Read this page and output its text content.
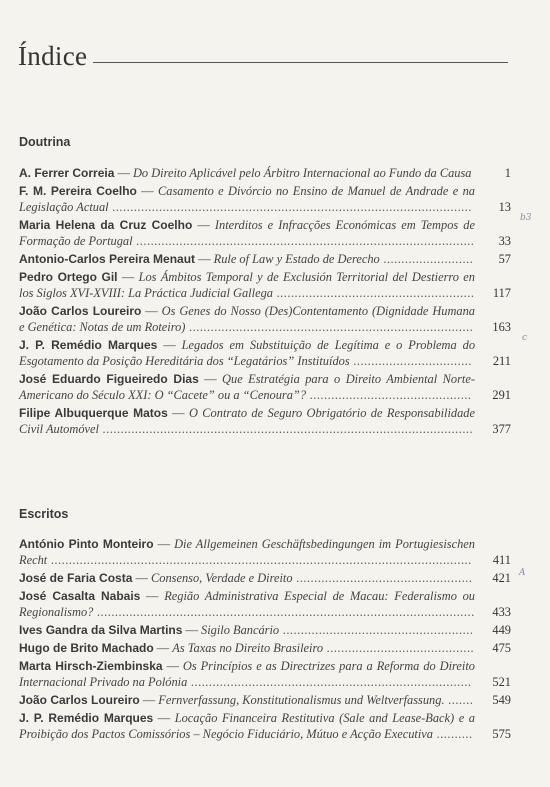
Índice
Doutrina
A. Ferrer Correia — Do Direito Aplicável pelo Árbitro Internacional ao Fundo da Causa	1
F. M. Pereira Coelho — Casamento e Divórcio no Ensino de Manuel de Andrade e na Legislação Actual .................................................................................................... 13
Maria Helena da Cruz Coelho — Interditos e Infracções Económicas em Tempos de Formação de Portugal .............................................................................................. 33
Antonio-Carlos Pereira Menaut — Rule of Law y Estado de Derecho ......................... 57
Pedro Ortego Gil — Los Ámbitos Temporal y de Exclusión Territorial del Destierro en los Siglos XVI-XVIII: La Práctica Judicial Gallega ....................................................... 117
João Carlos Loureiro — Os Genes do Nosso (Des)Contentamento (Dignidade Humana e Genética: Notas de um Roteiro) ............................................................................... 163
J. P. Remédio Marques — Legados em Substituição de Legítima e o Problema do Esgotamento da Posição Hereditária dos “Legatários” Instituídos ................................. 211
José Eduardo Figueiredo Dias — Que Estratégia para o Direito Ambiental Norte-Americano do Século XXI: O “Cacete” ou a “Cenoura”? ............................................. 291
Filipe Albuquerque Matos — O Contrato de Seguro Obrigatório de Responsabilidade Civil Automóvel ....................................................................................................... 377
Escritos
António Pinto Monteiro — Die Allgemeinen Geschäftsbedingungen im Portugiesischen Recht ..................................................................................................................... 411
José de Faria Costa — Consenso, Verdade e Direito ................................................. 421
José Casalta Nabais — Região Administrativa Especial de Macau: Federalismo ou Regionalismo? ......................................................................................................... 433
Ives Gandra da Silva Martins — Sigilo Bancário ..................................................... 449
Hugo de Brito Machado — As Taxas no Direito Brasileiro ......................................... 475
Marta Hirsch-Ziembinska — Os Princípios e as Directrizes para a Reforma do Direito Internacional Privado na Polónia .............................................................................. 521
João Carlos Loureiro — Fernverfassung, Konstitutionalismus und Weltverfassung. ....... 549
J. P. Remédio Marques — Locação Financeira Restitutiva (Sale and Lease-Back) e a Proibição dos Pactos Comissórios – Negócio Fiduciário, Mútuo e Acção Executiva .......... 575
b3
c
A
